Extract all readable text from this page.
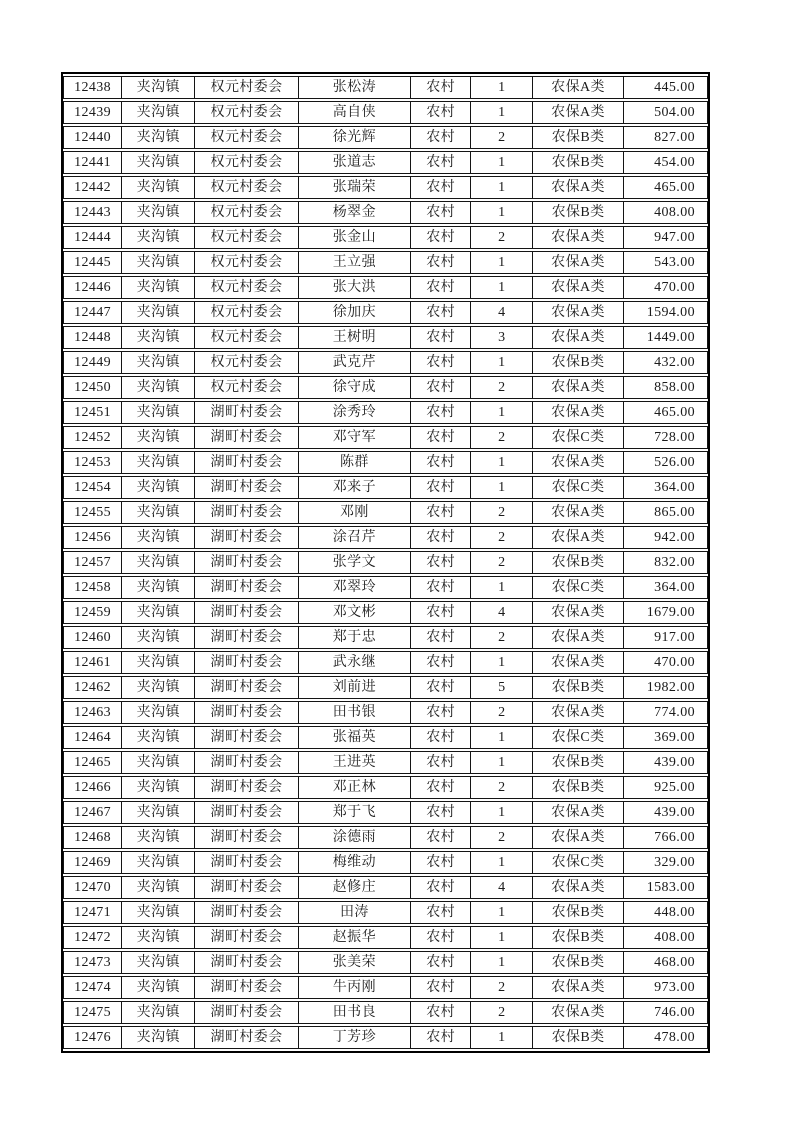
12438	夹沟镇	权元村委会	张松涛	农村	1	农保A类	445.00
12439	夹沟镇	权元村委会	高自侠	农村	1	农保A类	504.00
12440	夹沟镇	权元村委会	徐光辉	农村	2	农保B类	827.00
12441	夹沟镇	权元村委会	张道志	农村	1	农保B类	454.00
12442	夹沟镇	权元村委会	张瑞荣	农村	1	农保A类	465.00
12443	夹沟镇	权元村委会	杨翠金	农村	1	农保B类	408.00
12444	夹沟镇	权元村委会	张金山	农村	2	农保A类	947.00
12445	夹沟镇	权元村委会	王立强	农村	1	农保A类	543.00
12446	夹沟镇	权元村委会	张大洪	农村	1	农保A类	470.00
12447	夹沟镇	权元村委会	徐加庆	农村	4	农保A类	1594.00
12448	夹沟镇	权元村委会	王树明	农村	3	农保A类	1449.00
12449	夹沟镇	权元村委会	武克芹	农村	1	农保B类	432.00
12450	夹沟镇	权元村委会	徐守成	农村	2	农保A类	858.00
12451	夹沟镇	湖町村委会	涂秀玲	农村	1	农保A类	465.00
12452	夹沟镇	湖町村委会	邓守军	农村	2	农保C类	728.00
12453	夹沟镇	湖町村委会	陈群	农村	1	农保A类	526.00
12454	夹沟镇	湖町村委会	邓来子	农村	1	农保C类	364.00
12455	夹沟镇	湖町村委会	邓刚	农村	2	农保A类	865.00
12456	夹沟镇	湖町村委会	涂召芹	农村	2	农保A类	942.00
12457	夹沟镇	湖町村委会	张学文	农村	2	农保B类	832.00
12458	夹沟镇	湖町村委会	邓翠玲	农村	1	农保C类	364.00
12459	夹沟镇	湖町村委会	邓文彬	农村	4	农保A类	1679.00
12460	夹沟镇	湖町村委会	郑于忠	农村	2	农保A类	917.00
12461	夹沟镇	湖町村委会	武永继	农村	1	农保A类	470.00
12462	夹沟镇	湖町村委会	刘前进	农村	5	农保B类	1982.00
12463	夹沟镇	湖町村委会	田书银	农村	2	农保A类	774.00
12464	夹沟镇	湖町村委会	张福英	农村	1	农保C类	369.00
12465	夹沟镇	湖町村委会	王进英	农村	1	农保B类	439.00
12466	夹沟镇	湖町村委会	邓正林	农村	2	农保B类	925.00
12467	夹沟镇	湖町村委会	郑于飞	农村	1	农保A类	439.00
12468	夹沟镇	湖町村委会	涂德雨	农村	2	农保A类	766.00
12469	夹沟镇	湖町村委会	梅维动	农村	1	农保C类	329.00
12470	夹沟镇	湖町村委会	赵修庄	农村	4	农保A类	1583.00
12471	夹沟镇	湖町村委会	田涛	农村	1	农保B类	448.00
12472	夹沟镇	湖町村委会	赵振华	农村	1	农保B类	408.00
12473	夹沟镇	湖町村委会	张美荣	农村	1	农保B类	468.00
12474	夹沟镇	湖町村委会	牛丙刚	农村	2	农保A类	973.00
12475	夹沟镇	湖町村委会	田书良	农村	2	农保A类	746.00
12476	夹沟镇	湖町村委会	丁芳珍	农村	1	农保B类	478.00
